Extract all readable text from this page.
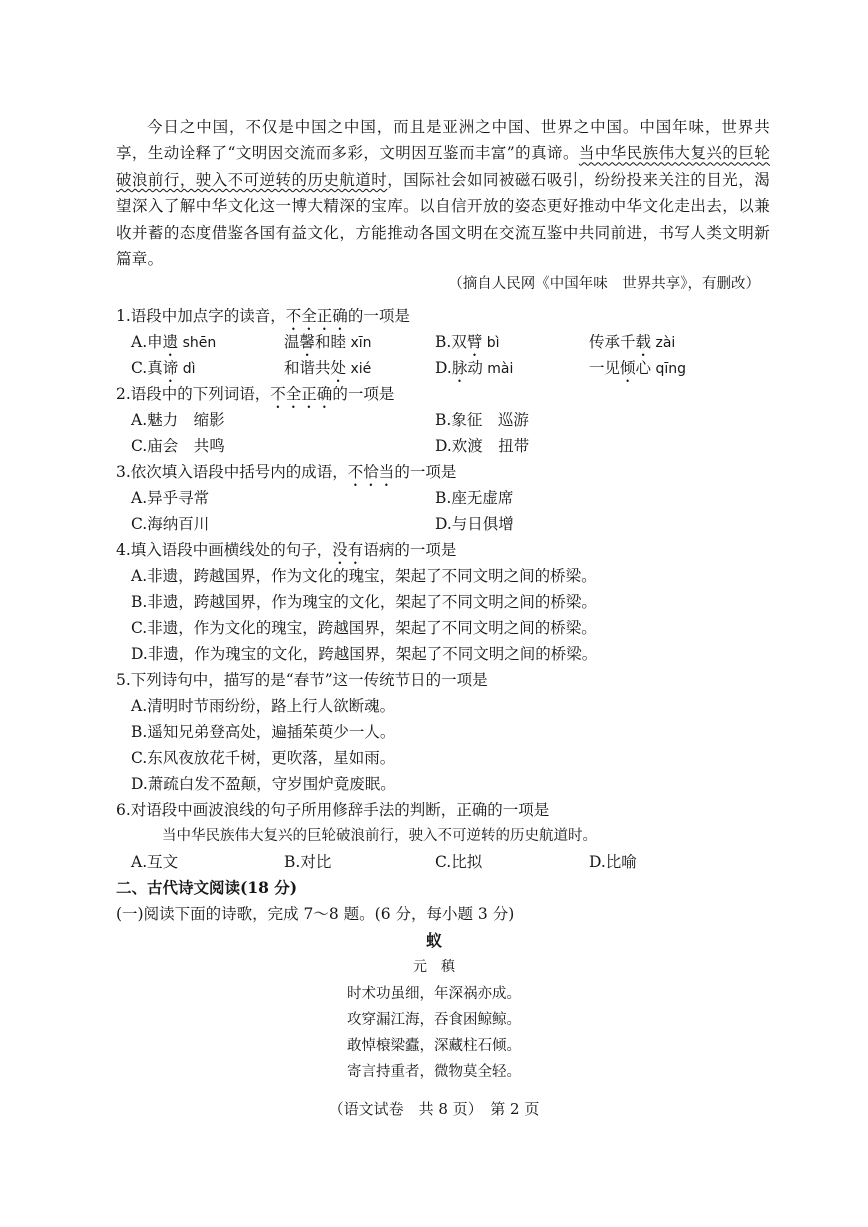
今日之中国，不仅是中国之中国，而且是亚洲之中国、世界之中国。中国年味，世界共享，生动诠释了“文明因交流而多彩，文明因互鉴而丰富”的真谛。当中华民族伟大复兴的巨轮破浪前行，驶入不可逆转的历史航道时，国际社会如同被磁石吸引，纷纷投来关注的目光，渴望深入了解中华文化这一博大精深的宝库。以自信开放的姿态更好推动中华文化走出去，以兼收并蓄的态度借鉴各国有益文化，方能推动各国文明在交流互鉴中共同前进，书写人类文明新篇章。

（摘自人民网《中国年味　世界共享》，有删改）
1.语段中加点字的读音，不全正确的一项是
A.申遗 shēn	温馨和睦 xīn	B.双臂 bì	传承千载 zài
C.真谛 dì	和谐共处 xié	D.脉动 mài	一见倾心 qīng
2.语段中的下列词语，不全正确的一项是
A.魅力　缩影	B.象征　巡游
C.庙会　共鸣	D.欢渡　扭带
3.依次填入语段中括号内的成语，不恰当的一项是
A.异乎寻常	B.座无虚席
C.海纳百川	D.与日俱增
4.填入语段中画横线处的句子，没有语病的一项是
A.非遗，跨越国界，作为文化的瑰宝，架起了不同文明之间的桥梁。
B.非遗，跨越国界，作为瑰宝的文化，架起了不同文明之间的桥梁。
C.非遗，作为文化的瑰宝，跨越国界，架起了不同文明之间的桥梁。
D.非遗，作为瑰宝的文化，跨越国界，架起了不同文明之间的桥梁。
5.下列诗句中，描写的是“春节”这一传统节日的一项是
A.清明时节雨纷纷，路上行人欲断魂。
B.遥知兄弟登高处，遍插茱萸少一人。
C.东风夜放花千树，更吹落，星如雨。
D.萧疏白发不盈颠，守岁围炉竟废眠。
6.对语段中画波浪线的句子所用修辞手法的判断，正确的一项是
当中华民族伟大复兴的巨轮破浪前行，驶入不可逆转的历史航道时。
A.互文	B.对比	C.比拟	D.比喻
二、古代诗文阅读(18 分)
(一)阅读下面的诗歌，完成 7～8 题。(6 分，每小题 3 分)
蚁
元　稹
时术功虽细，年深祸亦成。
攻穿漏江海，吞食困鲸鲸。
敢悼榱梁蠹，深藏柱石倾。
寄言持重者，微物莫全轻。
（语文试卷　共 8 页）　第 2 页
